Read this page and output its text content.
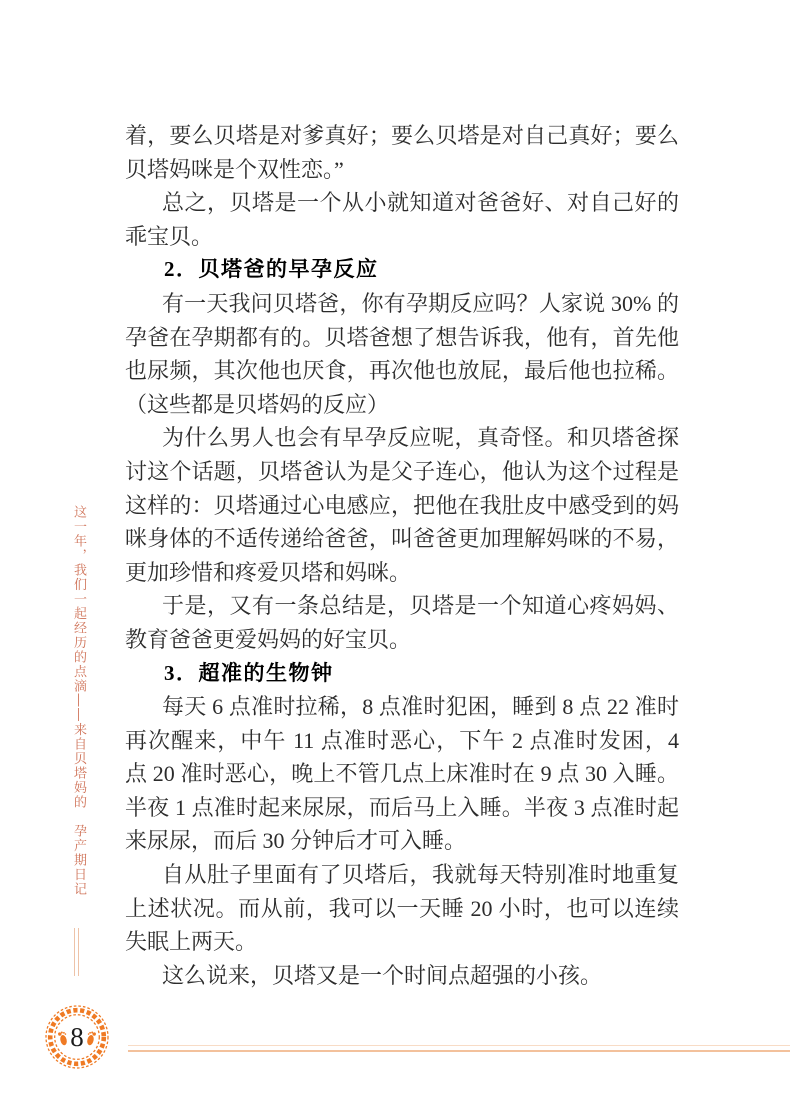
着，要么贝塔是对爹真好；要么贝塔是对自己真好；要么贝塔妈咪是个双性恋。”

总之，贝塔是一个从小就知道对爸爸好、对自己好的乖宝贝。

2．贝塔爸的早孕反应

有一天我问贝塔爸，你有孕期反应吗？人家说 30% 的孕爸在孕期都有的。贝塔爸想了想告诉我，他有，首先他也尿频，其次他也厌食，再次他也放屁，最后他也拉稀。（这些都是贝塔妈的反应）

为什么男人也会有早孕反应呢，真奇怪。和贝塔爸探讨这个话题，贝塔爸认为是父子连心，他认为这个过程是这样的：贝塔通过心电感应，把他在我肚皮中感受到的妈咪身体的不适传递给爸爸，叫爸爸更加理解妈咪的不易，更加珍惜和疼爱贝塔和妈咪。

于是，又有一条总结是，贝塔是一个知道心疼妈妈、教育爸爸更爱妈妈的好宝贝。

3．超准的生物钟

每天 6 点准时拉稀，8 点准时犯困，睡到 8 点 22 准时再次醒来，中午 11 点准时恶心，下午 2 点准时发困，4 点 20 准时恶心，晚上不管几点上床准时在 9 点 30 入睡。半夜 1 点准时起来尿尿，而后马上入睡。半夜 3 点准时起来尿尿，而后 30 分钟后才可入睡。

自从肚子里面有了贝塔后，我就每天特别准时地重复上述状况。而从前，我可以一天睡 20 小时，也可以连续失眠上两天。

这么说来，贝塔又是一个时间点超强的小孩。

这一年，我们一起经历的点滴——来自贝塔妈的　孕产期日记
8
